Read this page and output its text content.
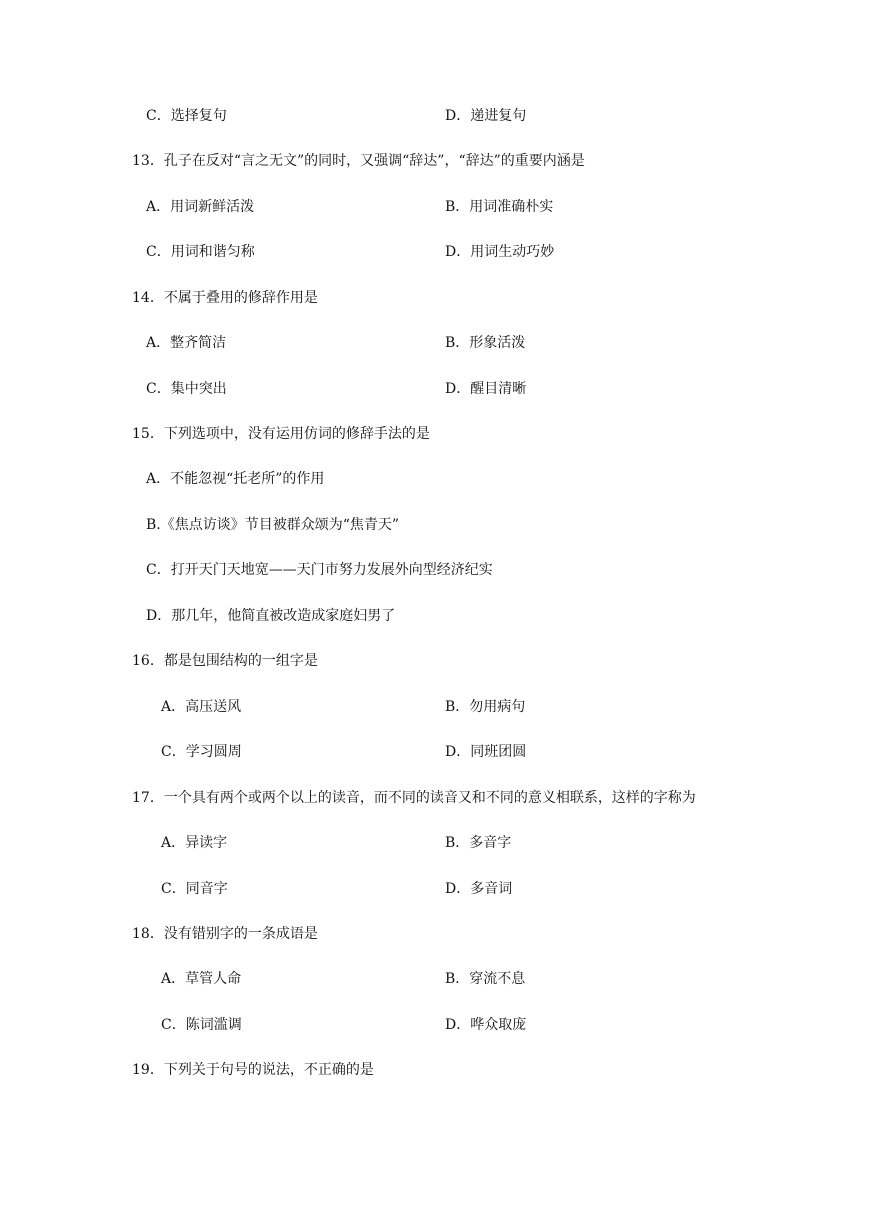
C．选择复句	D．递进复句
13．孔子在反对“言之无文”的同时，又强调“辞达”，“辞达”的重要内涵是
A．用词新鲜活泼	B．用词准确朴实
C．用词和谐匀称	D．用词生动巧妙
14．不属于叠用的修辞作用是
A．整齐简洁	B．形象活泼
C．集中突出	D．醒目清晰
15．下列选项中，没有运用仿词的修辞手法的是
A．不能忽视“托老所”的作用
B.《焦点访谈》节目被群众颂为“焦青天”
C．打开天门天地宽——天门市努力发展外向型经济纪实
D．那几年，他简直被改造成家庭妇男了
16．都是包围结构的一组字是
A．高压送风	B．勿用病句
C．学习圆周	D．同班团圆
17．一个具有两个或两个以上的读音，而不同的读音又和不同的意义相联系，这样的字称为
A．异读字	B．多音字
C．同音字	D．多音词
18．没有错别字的一条成语是
A．草管人命	B．穿流不息
C．陈词滥调	D．哗众取庞
19．下列关于句号的说法，不正确的是
